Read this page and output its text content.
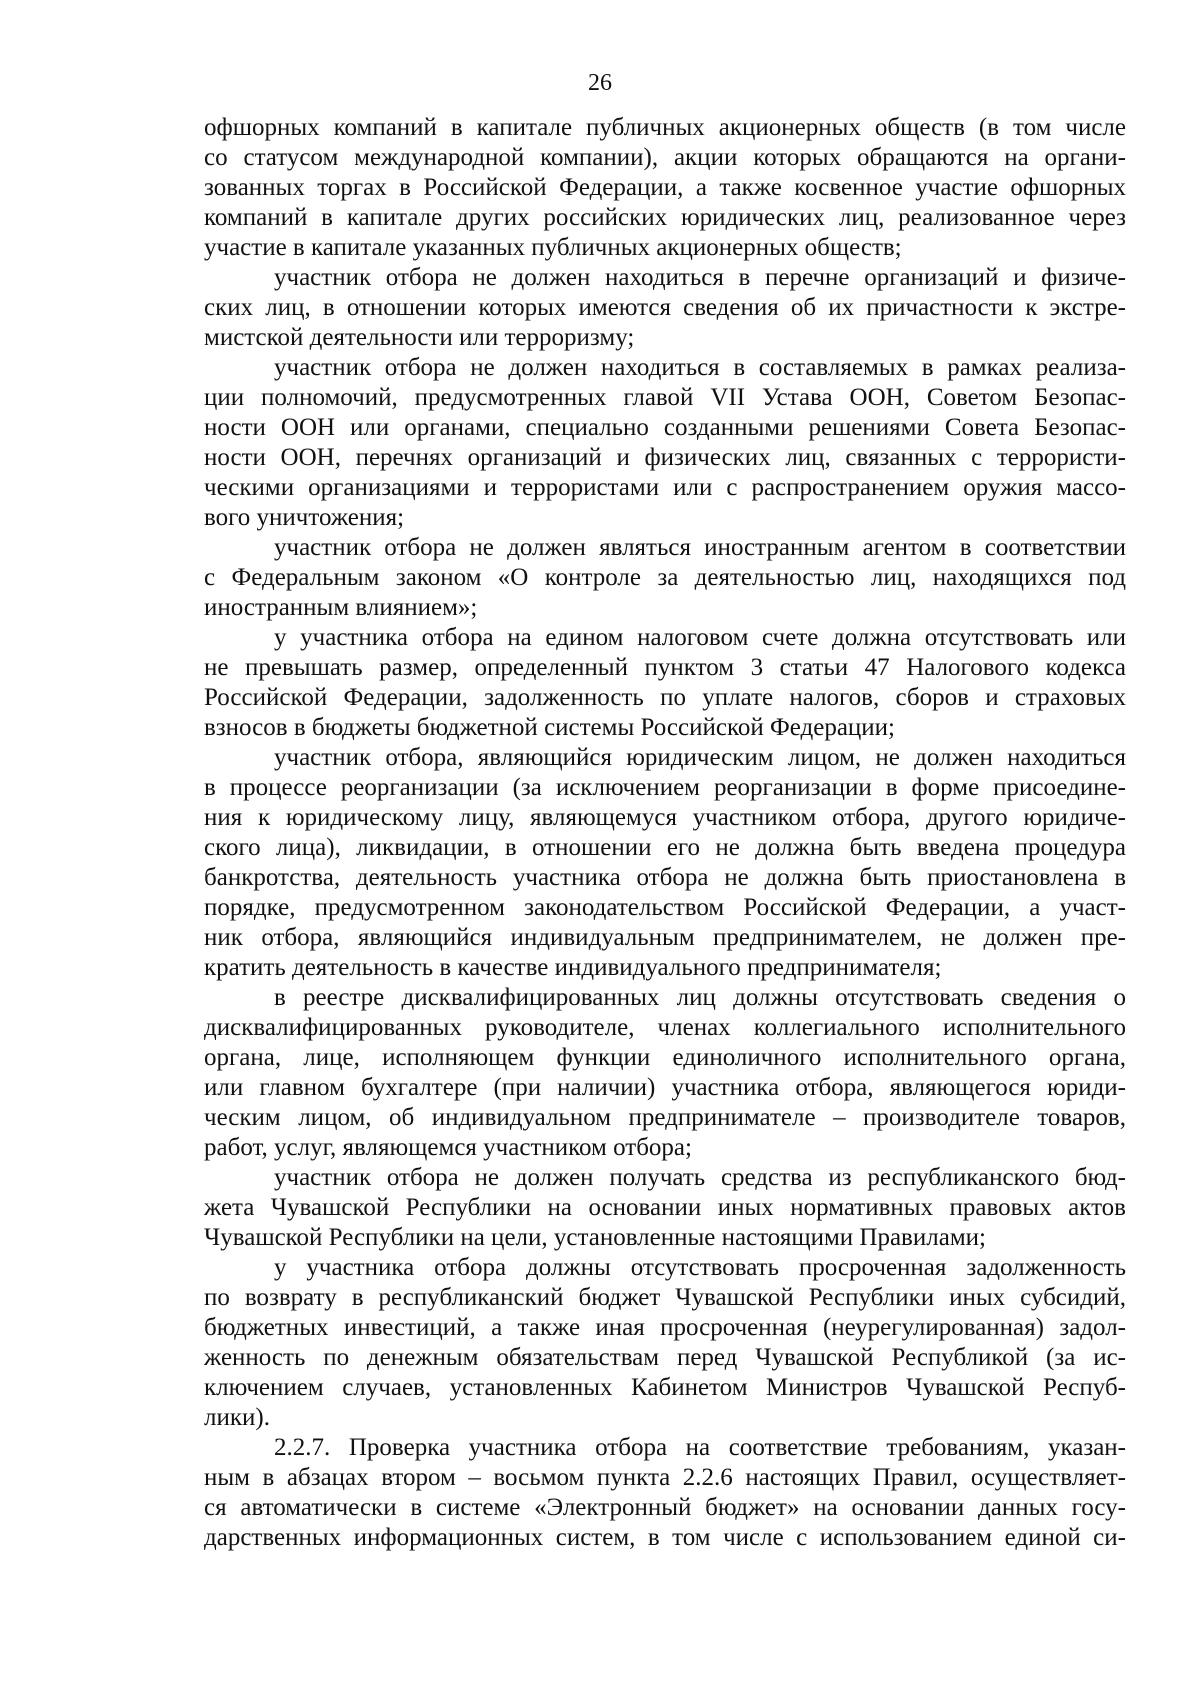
26

офшорных компаний в капитале публичных акционерных обществ (в том числе
со статусом международной компании), акции которых обращаются на органи-
зованных торгах в Российской Федерации, а также косвенное участие офшорных
компаний в капитале других российских юридических лиц, реализованное через
участие в капитале указанных публичных акционерных обществ;

участник отбора не должен находиться в перечне организаций и физиче-
ских лиц, в отношении которых имеются сведения об их причастности к экстре-
мистской деятельности или терроризму;

участник отбора не должен находиться в составляемых в рамках реализа-
ции полномочий, предусмотренных главой VII Устава ООН, Советом Безопас-
ности ООН или органами, специально созданными решениями Совета Безопас-
ности ООН, перечнях организаций и физических лиц, связанных с террористи-
ческими организациями и террористами или с распространением оружия массо-
вого уничтожения;

участник отбора не должен являться иностранным агентом в соответствии
с Федеральным законом «О контроле за деятельностью лиц, находящихся под
иностранным влиянием»;

у участника отбора на едином налоговом счете должна отсутствовать или
не превышать размер, определенный пунктом 3 статьи 47 Налогового кодекса
Российской Федерации, задолженность по уплате налогов, сборов и страховых
взносов в бюджеты бюджетной системы Российской Федерации;

участник отбора, являющийся юридическим лицом, не должен находиться
в процессе реорганизации (за исключением реорганизации в форме присоедине-
ния к юридическому лицу, являющемуся участником отбора, другого юридиче-
ского лица), ликвидации, в отношении его не должна быть введена процедура
банкротства, деятельность участника отбора не должна быть приостановлена в
порядке, предусмотренном законодательством Российской Федерации, а участ-
ник отбора, являющийся индивидуальным предпринимателем, не должен пре-
кратить деятельность в качестве индивидуального предпринимателя;

в реестре дисквалифицированных лиц должны отсутствовать сведения о
дисквалифицированных руководителе, членах коллегиального исполнительного
органа, лице, исполняющем функции единоличного исполнительного органа,
или главном бухгалтере (при наличии) участника отбора, являющегося юриди-
ческим лицом, об индивидуальном предпринимателе – производителе товаров,
работ, услуг, являющемся участником отбора;

участник отбора не должен получать средства из республиканского бюд-
жета Чувашской Республики на основании иных нормативных правовых актов
Чувашской Республики на цели, установленные настоящими Правилами;

у участника отбора должны отсутствовать просроченная задолженность
по возврату в республиканский бюджет Чувашской Республики иных субсидий,
бюджетных инвестиций, а также иная просроченная (неурегулированная) задол-
женность по денежным обязательствам перед Чувашской Республикой (за ис-
ключением случаев, установленных Кабинетом Министров Чувашской Респуб-
лики).

2.2.7. Проверка участника отбора на соответствие требованиям, указан-
ным в абзацах втором – восьмом пункта 2.2.6 настоящих Правил, осуществляет-
ся автоматически в системе «Электронный бюджет» на основании данных госу-
дарственных информационных систем, в том числе с использованием единой си-
